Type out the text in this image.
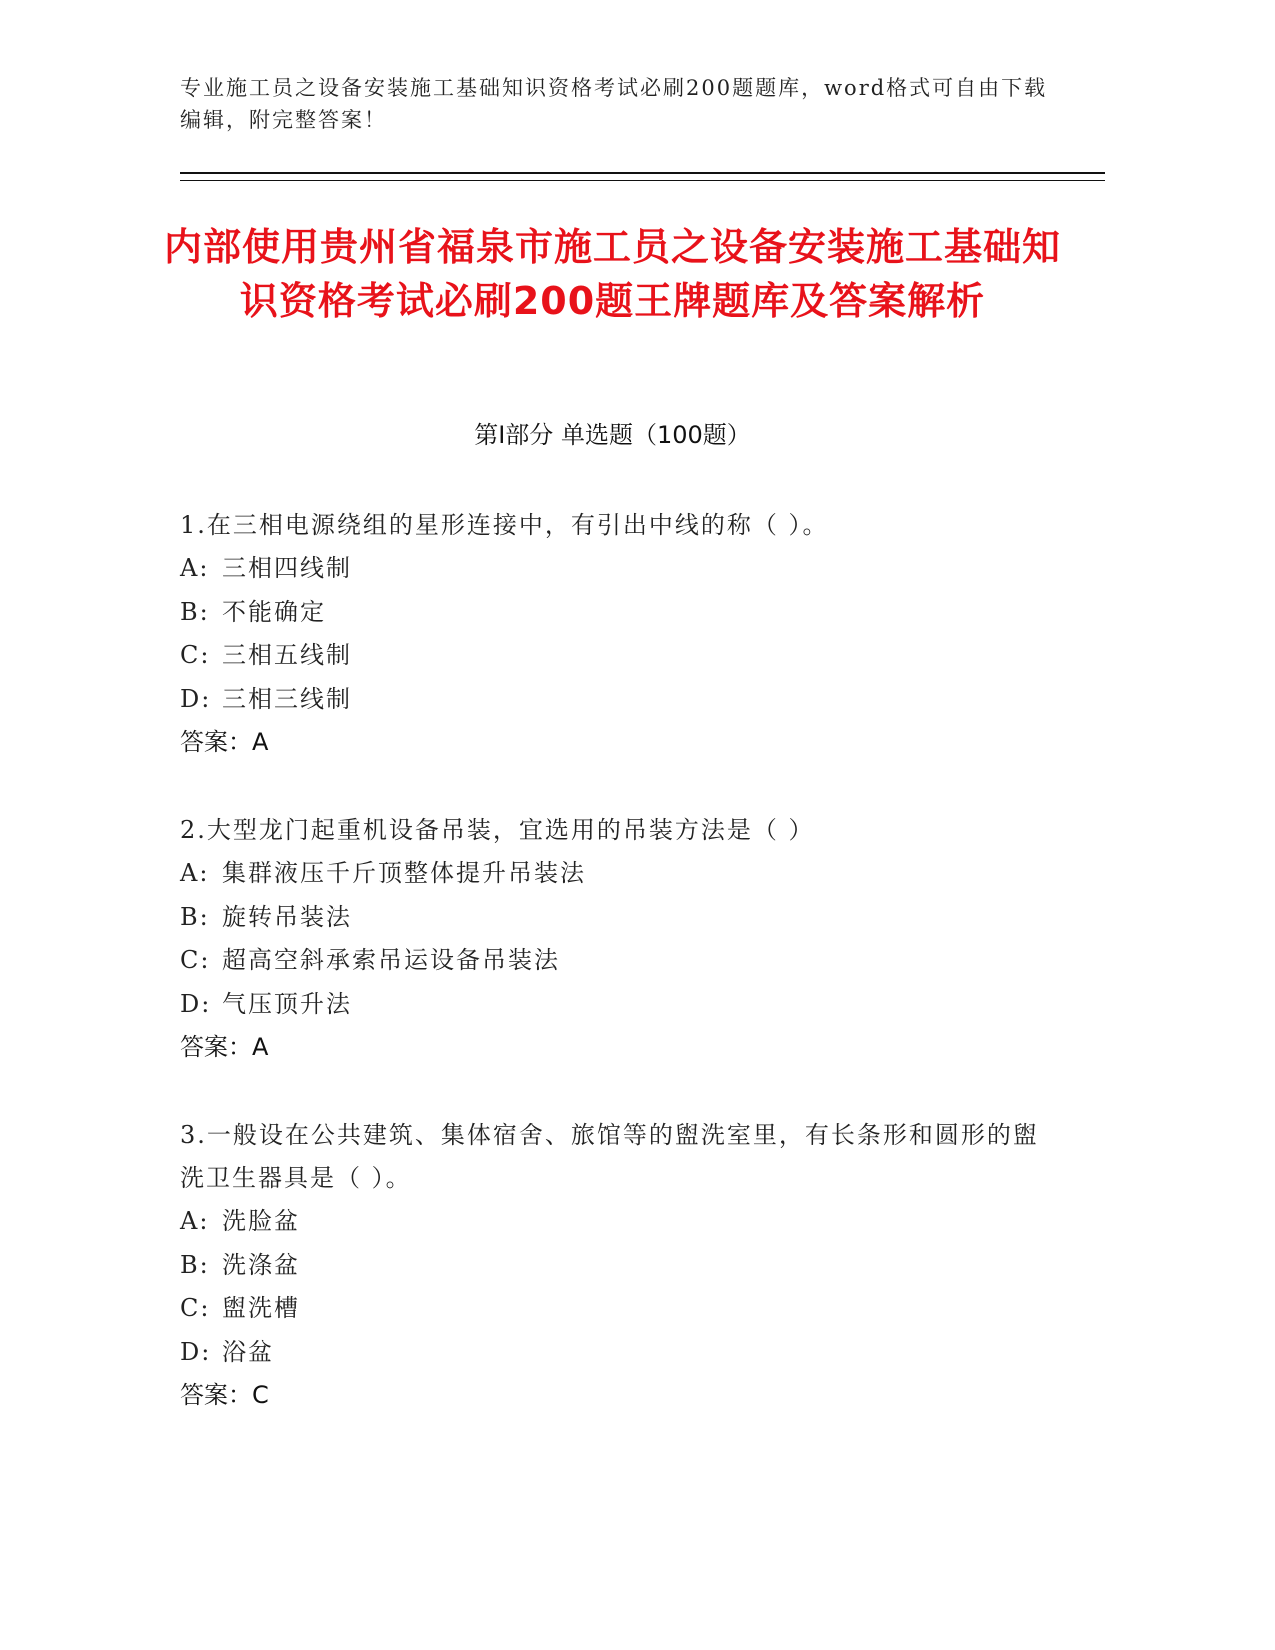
专业施工员之设备安装施工基础知识资格考试必刷200题题库，word格式可自由下载编辑，附完整答案！
内部使用贵州省福泉市施工员之设备安装施工基础知识资格考试必刷200题王牌题库及答案解析
第I部分 单选题（100题）
1.在三相电源绕组的星形连接中，有引出中线的称（ ）。
A: 三相四线制
B: 不能确定
C: 三相五线制
D: 三相三线制
答案：A
2.大型龙门起重机设备吊装，宜选用的吊装方法是（ ）
A: 集群液压千斤顶整体提升吊装法
B: 旋转吊装法
C: 超高空斜承索吊运设备吊装法
D: 气压顶升法
答案：A
3.一般设在公共建筑、集体宿舍、旅馆等的盥洗室里，有长条形和圆形的盥洗卫生器具是（ ）。
A: 洗脸盆
B: 洗涤盆
C: 盥洗槽
D: 浴盆
答案：C
